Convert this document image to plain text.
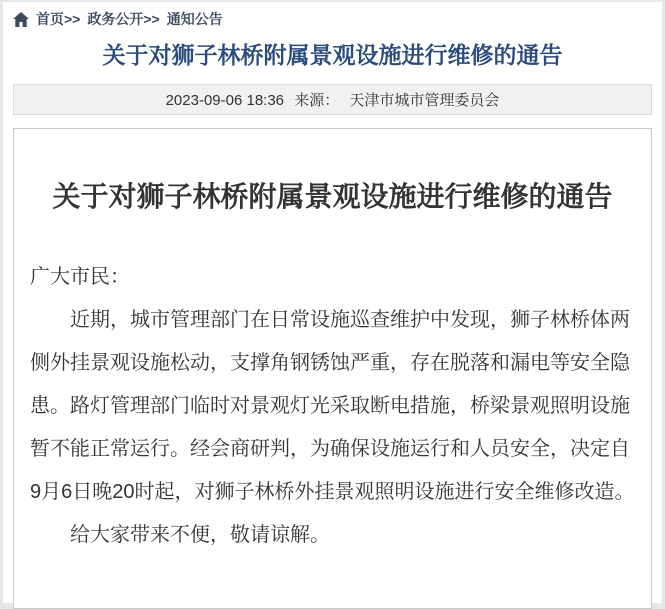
首页 >> 政务公开 >> 通知公告
关于对狮子林桥附属景观设施进行维修的通告
2023-09-06 18:36 来源： 天津市城市管理委员会
关于对狮子林桥附属景观设施进行维修的通告

广大市民：

近期，城市管理部门在日常设施巡查维护中发现，狮子林桥体两侧外挂景观设施松动，支撑角钢锈蚀严重，存在脱落和漏电等安全隐患。路灯管理部门临时对景观灯光采取断电措施，桥梁景观照明设施暂不能正常运行。经会商研判，为确保设施运行和人员安全，决定自9月6日晚20时起，对狮子林桥外挂景观照明设施进行安全维修改造。

给大家带来不便，敬请谅解。
